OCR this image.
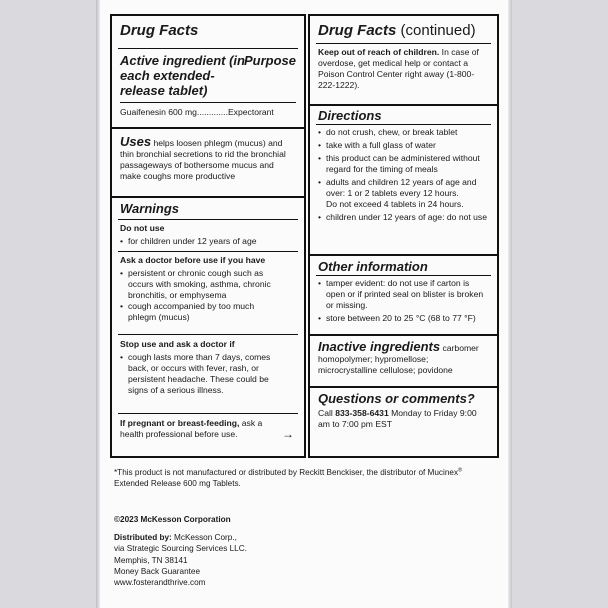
Drug Facts
Active ingredient (in each extended-release tablet)
Purpose
Guaifenesin 600 mg.............Expectorant
Uses helps loosen phlegm (mucus) and thin bronchial secretions to rid the bronchial passageways of bothersome mucus and make coughs more productive
Warnings
Do not use
• for children under 12 years of age
Ask a doctor before use if you have
• persistent or chronic cough such as occurs with smoking, asthma, chronic bronchitis, or emphysema
• cough accompanied by too much phlegm (mucus)
Stop use and ask a doctor if
• cough lasts more than 7 days, comes back, or occurs with fever, rash, or persistent headache. These could be signs of a serious illness.
If pregnant or breast-feeding, ask a health professional before use.	→
Drug Facts (continued)
Keep out of reach of children. In case of overdose, get medical help or contact a Poison Control Center right away (1-800-222-1222).
Directions
• do not crush, chew, or break tablet
• take with a full glass of water
• this product can be administered without regard for the timing of meals
• adults and children 12 years of age and over: 1 or 2 tablets every 12 hours.
Do not exceed 4 tablets in 24 hours.
• children under 12 years of age: do not use
Other information
• tamper evident: do not use if carton is open or if printed seal on blister is broken or missing.
• store between 20 to 25 °C (68 to 77 °F)
Inactive ingredients carbomer homopolymer; hypromellose; microcrystalline cellulose; povidone
Questions or comments?
Call 833-358-6431 Monday to Friday 9:00 am to 7:00 pm EST
*This product is not manufactured or distributed by Reckitt Benckiser, the distributor of Mucinex® Extended Release 600 mg Tablets.
©2023 McKesson Corporation
Distributed by: McKesson Corp.,
via Strategic Sourcing Services LLC.
Memphis, TN 38141
Money Back Guarantee
www.fosterandthrive.com
